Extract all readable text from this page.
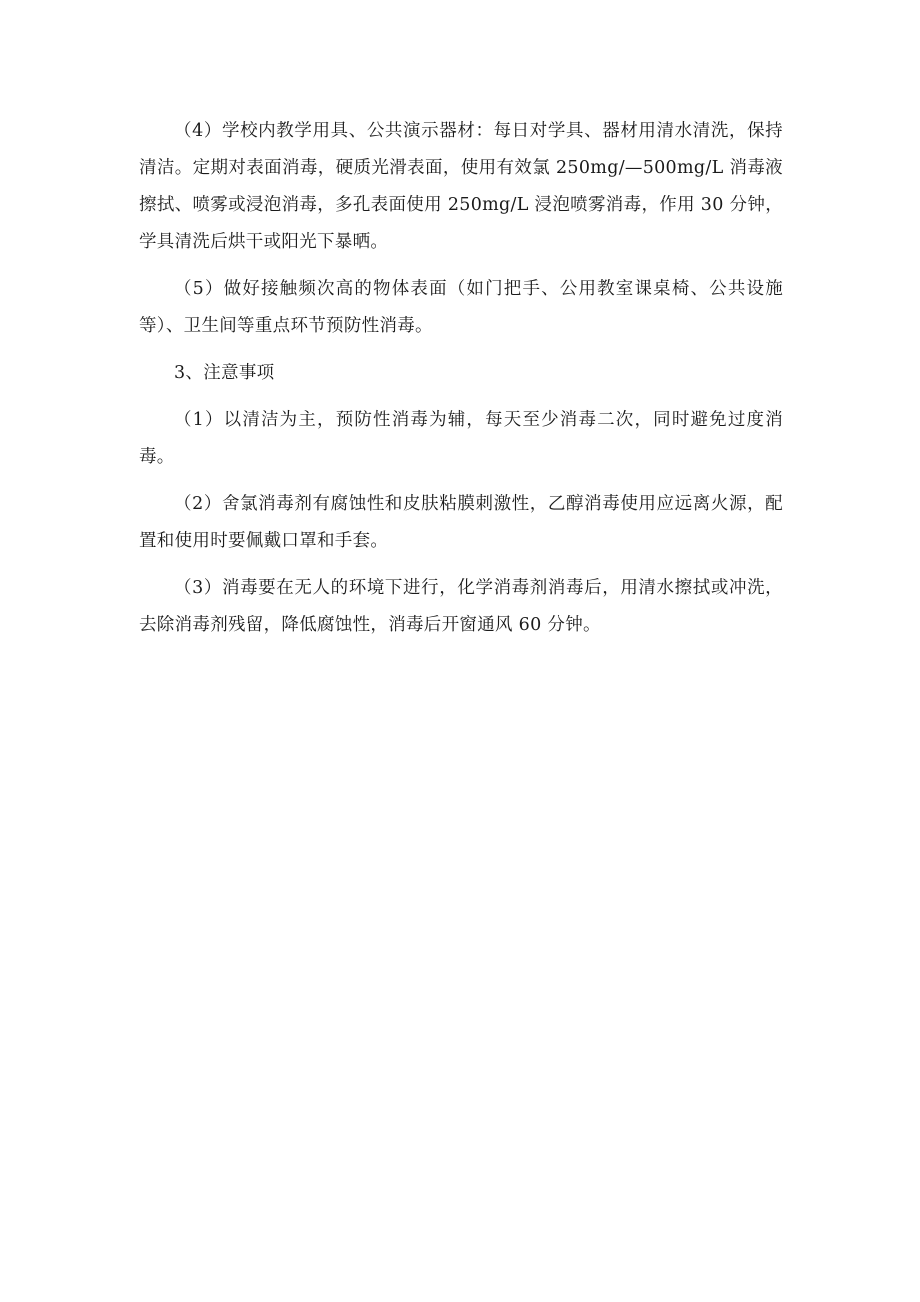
（4）学校内教学用具、公共演示器材：每日对学具、器材用清水清洗，保持清洁。定期对表面消毒，硬质光滑表面，使用有效氯 250mg/—500mg/L 消毒液擦拭、喷雾或浸泡消毒，多孔表面使用 250mg/L 浸泡喷雾消毒，作用 30 分钟，学具清洗后烘干或阳光下暴晒。

（5）做好接触频次高的物体表面（如门把手、公用教室课桌椅、公共设施等）、卫生间等重点环节预防性消毒。

3、注意事项

（1）以清洁为主，预防性消毒为辅，每天至少消毒二次，同时避免过度消毒。

（2）舍氯消毒剂有腐蚀性和皮肤粘膜刺激性，乙醇消毒使用应远离火源，配置和使用时要佩戴口罩和手套。

（3）消毒要在无人的环境下进行，化学消毒剂消毒后，用清水擦拭或冲洗，去除消毒剂残留，降低腐蚀性，消毒后开窗通风 60 分钟。
